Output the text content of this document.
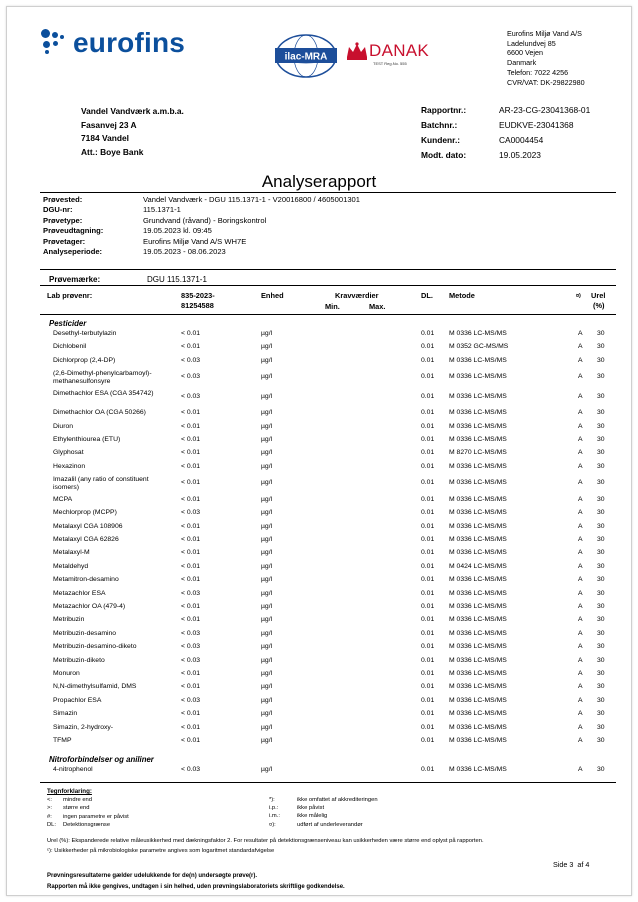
eurofins	ilac-MRA DANAK
TEST Reg.No. 555
Eurofins Miljø Vand A/S
Ladelundvej 85
6600 Vejen
Danmark
Telefon: 7022 4256
CVR/VAT: DK-29822980
Vandel Vandværk a.m.b.a.
Fasanvej 23 A
7184 Vandel
Att.: Boye Bank
Rapportnr.:	AR-23-CG-23041368-01
Batchnr.:	EUDKVE-23041368
Kundenr.:	CA0004454
Modt. dato:	19.05.2023
Analyserapport
Prøvested:	Vandel Vandværk - DGU 115.1371-1 - V20016800 / 4605001301
DGU-nr:	115.1371-1
Prøvetype:	Grundvand (råvand) - Boringskontrol
Prøveudtagning:	19.05.2023 kl. 09:45
Prøvetager:	Eurofins Miljø Vand A/S WH7E
Analyseperiode:	19.05.2023 - 08.06.2023
Prøvemærke:	DGU 115.1371-1
Lab prøvenr:	835-2023-
81254588
Enhed	Kravværdier
Min.	Max.
DL. Metode	¤) Urel
(%)
Pesticider
Desethyl-terbutylazin	< 0.01	µg/l	0.01 M 0336 LC-MS/MS	A 30
Dichlobenil	< 0.01	µg/l	0.01 M 0352 GC-MS/MS	A 30
Dichlorprop (2,4-DP)	< 0.03	µg/l	0.01 M 0336 LC-MS/MS	A 30
(2,6-Dimethyl-phenylcarbamoyl)-methanesulfonsyre
< 0.03	µg/l	0.01 M 0336 LC-MS/MS	A 30
Dimethachlor ESA (CGA 354742)	< 0.03	µg/l	0.01 M 0336 LC-MS/MS	A 30
Dimethachlor OA (CGA 50266)	< 0.01	µg/l	0.01 M 0336 LC-MS/MS	A 30
Diuron	< 0.01	µg/l	0.01 M 0336 LC-MS/MS	A 30
Ethylenthiourea (ETU)	< 0.01	µg/l	0.01 M 0336 LC-MS/MS	A 30
Glyphosat	< 0.01	µg/l	0.01 M 8270 LC-MS/MS	A 30
Hexazinon	< 0.01	µg/l	0.01 M 0336 LC-MS/MS	A 30
Imazalil (any ratio of constituent isomers)
< 0.01	µg/l	0.01 M 0336 LC-MS/MS	A 30
MCPA	< 0.01	µg/l	0.01 M 0336 LC-MS/MS	A 30
Mechlorprop (MCPP)	< 0.03	µg/l	0.01 M 0336 LC-MS/MS	A 30
Metalaxyl CGA 108906	< 0.01	µg/l	0.01 M 0336 LC-MS/MS	A 30
Metalaxyl CGA 62826	< 0.01	µg/l	0.01 M 0336 LC-MS/MS	A 30
Metalaxyl-M	< 0.01	µg/l	0.01 M 0336 LC-MS/MS	A 30
Metaldehyd	< 0.01	µg/l	0.01 M 0424 LC-MS/MS	A 30
Metamitron-desamino	< 0.01	µg/l	0.01 M 0336 LC-MS/MS	A 30
Metazachlor ESA	< 0.03	µg/l	0.01 M 0336 LC-MS/MS	A 30
Metazachlor OA (479-4)	< 0.01	µg/l	0.01 M 0336 LC-MS/MS	A 30
Metribuzin	< 0.01	µg/l	0.01 M 0336 LC-MS/MS	A 30
Metribuzin-desamino	< 0.03	µg/l	0.01 M 0336 LC-MS/MS	A 30
Metribuzin-desamino-diketo	< 0.03	µg/l	0.01 M 0336 LC-MS/MS	A 30
Metribuzin-diketo	< 0.03	µg/l	0.01 M 0336 LC-MS/MS	A 30
Monuron	< 0.01	µg/l	0.01 M 0336 LC-MS/MS	A 30
N,N-dimethylsulfamid, DMS	< 0.01	µg/l	0.01 M 0336 LC-MS/MS	A 30
Propachlor ESA	< 0.03	µg/l	0.01 M 0336 LC-MS/MS	A 30
Simazin	< 0.01	µg/l	0.01 M 0336 LC-MS/MS	A 30
Simazin, 2-hydroxy-	< 0.01	µg/l	0.01 M 0336 LC-MS/MS	A 30
TFMP	< 0.01	µg/l	0.01 M 0336 LC-MS/MS	A 30
Nitroforbindelser og aniliner
4-nitrophenol	< 0.03	µg/l	0.01 M 0336 LC-MS/MS	A 30
Tegnforklaring:
<:	mindre end
>:	større end
#:	ingen parametre er påvist
DL:	Detektionsgrænse
*):	ikke omfattet af akkrediteringen
i.p.:	ikke påvist
i.m.:	ikke målelig
¤):	udført af underleverandør
Urel (%): Ekspanderede relative måleusikkerhed med dækningsfaktor 2. For resultater på detektionsgrænseniveau kan usikkerheden være større end oplyst på rapporten.
ᶜ): Usikkerheder på mikrobiologiske parametre angives som logaritmet standardafvigelse
Side 3 af 4
Prøvningsresultaterne gælder udelukkende for de(n) undersøgte prøve(r).
Rapporten må ikke gengives, undtagen i sin helhed, uden prøvningslaboratoriets skriftlige godkendelse.
